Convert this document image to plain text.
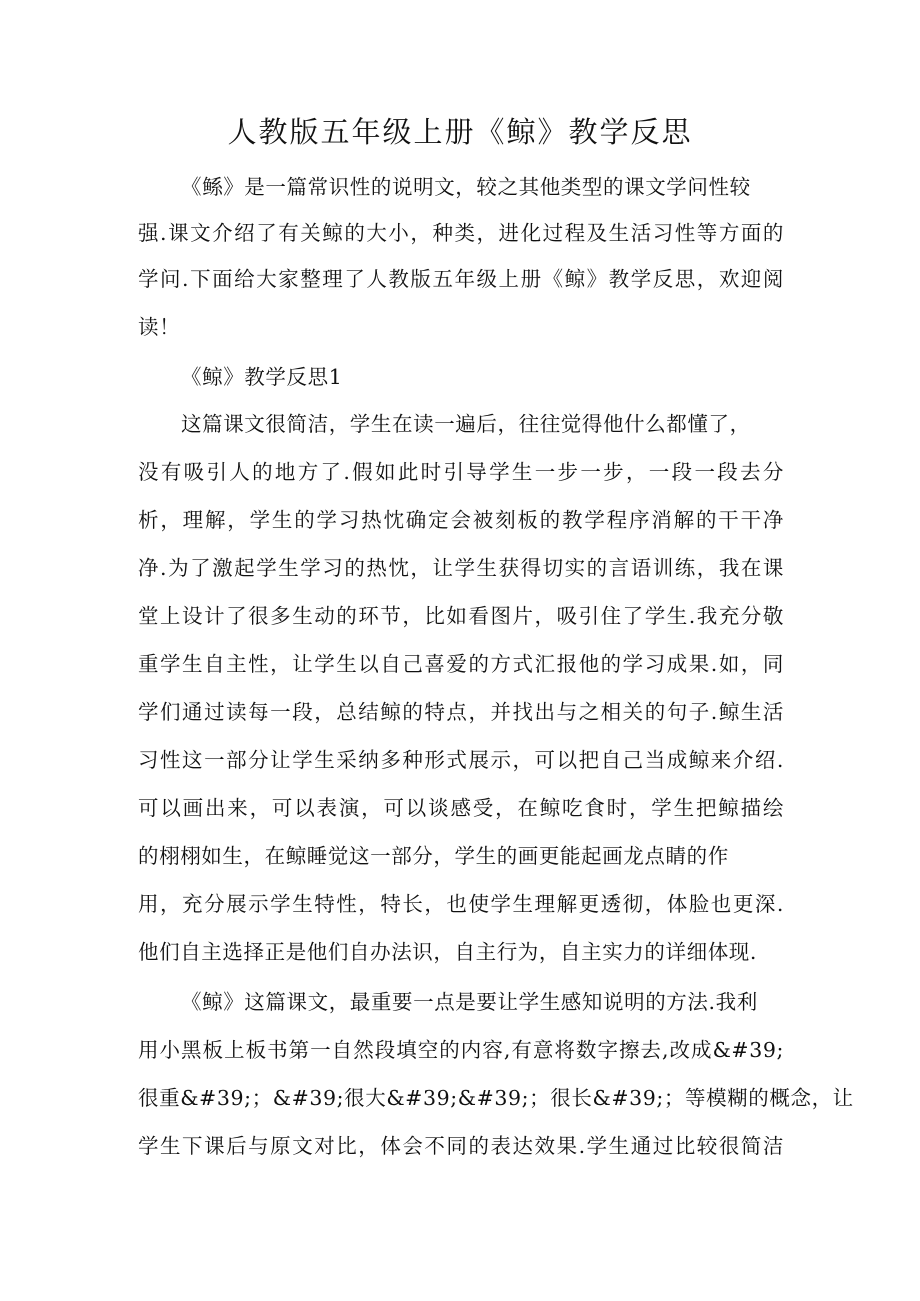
人教版五年级上册《鲸》教学反思
《鲧》是一篇常识性的说明文，较之其他类型的课文学问性较
强.课文介绍了有关鲸的大小，种类，进化过程及生活习性等方面的
学问.下面给大家整理了人教版五年级上册《鲸》教学反思，欢迎阅
读！
《鲸》教学反思1
这篇课文很简洁，学生在读一遍后，往往觉得他什么都懂了，
没有吸引人的地方了.假如此时引导学生一步一步，一段一段去分
析，理解，学生的学习热忱确定会被刻板的教学程序消解的干干净
净.为了激起学生学习的热忱，让学生获得切实的言语训练，我在课
堂上设计了很多生动的环节，比如看图片，吸引住了学生.我充分敬
重学生自主性，让学生以自己喜爱的方式汇报他的学习成果.如，同
学们通过读每一段，总结鲸的特点，并找出与之相关的句子.鲸生活
习性这一部分让学生采纳多种形式展示，可以把自己当成鲸来介绍.
可以画出来，可以表演，可以谈感受，在鲸吃食时，学生把鲸描绘
的栩栩如生，在鲸睡觉这一部分，学生的画更能起画龙点睛的作
用，充分展示学生特性，特长，也使学生理解更透彻，体脸也更深.
他们自主选择正是他们自办法识，自主行为，自主实力的详细体现.
《鲸》这篇课文，最重要一点是要让学生感知说明的方法.我利
用小黑板上板书第一自然段填空的内容,有意将数字擦去,改成&#39;
很重&#39;；&#39;很大&#39;&#39;；很长&#39;；等模糊的概念，让
学生下课后与原文对比，体会不同的表达效果.学生通过比较很简洁
